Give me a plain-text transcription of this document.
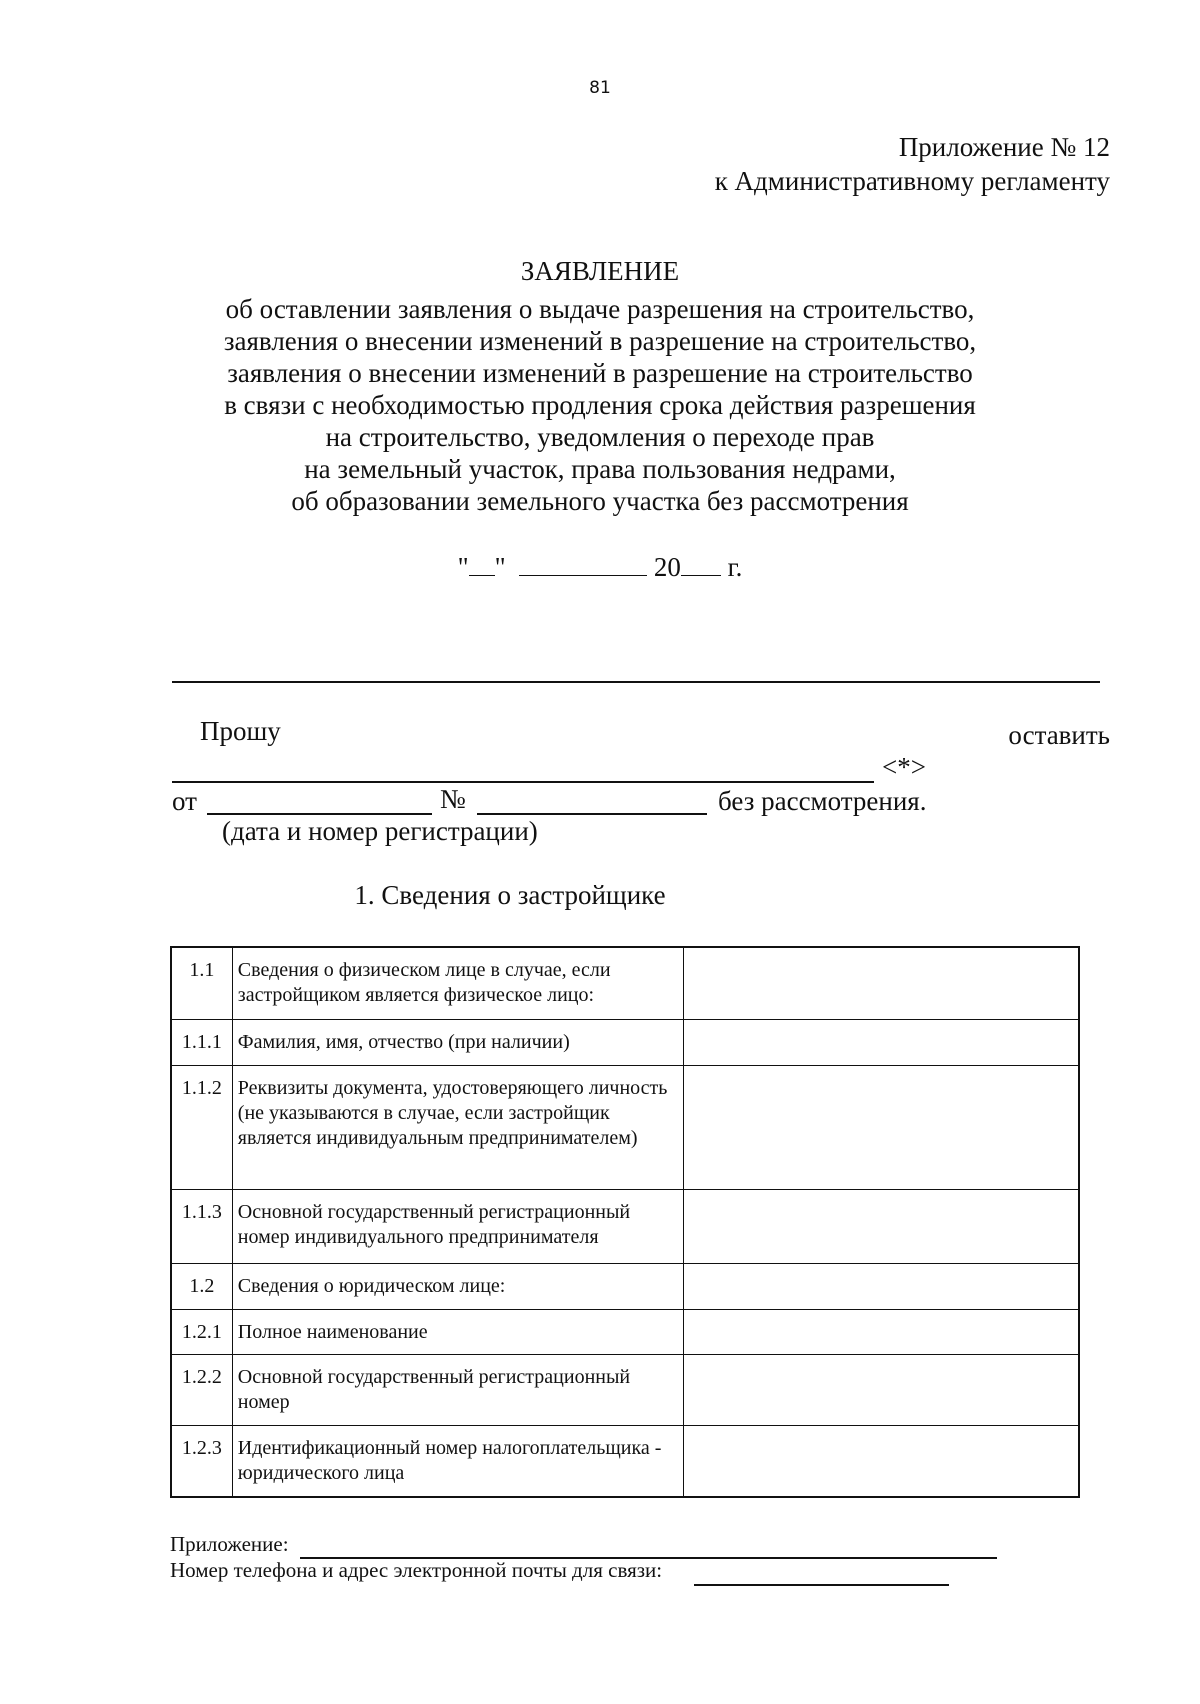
81
Приложение № 12
к Административному регламенту
ЗАЯВЛЕНИЕ
об оставлении заявления о выдаче разрешения на строительство,
заявления о внесении изменений в разрешение на строительство,
заявления о внесении изменений в разрешение на строительство
в связи с необходимостью продления срока действия разрешения
на строительство, уведомления о переходе прав
на земельный участок, права пользования недрами,
об образовании земельного участка без рассмотрения
" "	20 г.
Прошу	оставить
<*>
от	№	без рассмотрения.
(дата и номер регистрации)
1. Сведения о застройщике
1.1	Сведения о физическом лице в случае, если застройщиком является физическое лицо:	
1.1.1	Фамилия, имя, отчество (при наличии)	
1.1.2	Реквизиты документа, удостоверяющего личность (не указываются в случае, если застройщик является индивидуальным предпринимателем)	
1.1.3	Основной государственный регистрационный номер индивидуального предпринимателя	
1.2	Сведения о юридическом лице:	
1.2.1	Полное наименование	
1.2.2	Основной государственный регистрационный номер	
1.2.3	Идентификационный номер налогоплательщика - юридического лица	
Приложение:
Номер телефона и адрес электронной почты для связи:
